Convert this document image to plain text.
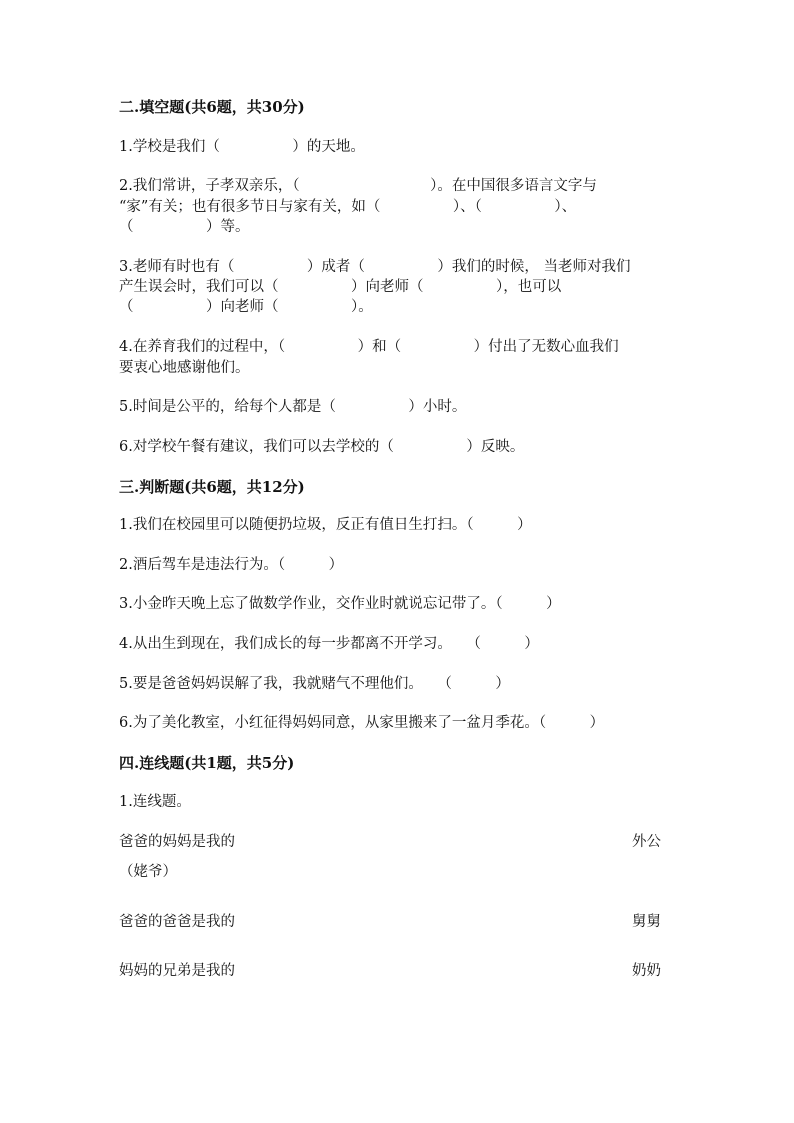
二.填空题(共6题，共30分)
1.学校是我们（　　　　　）的天地。
2.我们常讲，子孝双亲乐，（　　　　　　　　　）。在中国很多语言文字与
“家”有关；也有很多节日与家有关，如（　　　　　）、（　　　　　）、
（　　　　　）等。
3.老师有时也有（　　　　　）成者（　　　　　）我们的时候， 当老师对我们
产生误会时，我们可以（　　　　　）向老师（　　　　　），也可以
（　　　　　）向老师（　　　　　）。
4.在养育我们的过程中，（　　　　　）和（　　　　　）付出了无数心血我们
要衷心地感谢他们。
5.时间是公平的，给每个人都是（　　　　　）小时。
6.对学校午餐有建议，我们可以去学校的（　　　　　）反映。
三.判断题(共6题，共12分)
1.我们在校园里可以随便扔垃圾，反正有值日生打扫。（　　　）
2.酒后驾车是违法行为。（　　　）
3.小金昨天晚上忘了做数学作业，交作业时就说忘记带了。（　　　）
4.从出生到现在，我们成长的每一步都离不开学习。　　（　　　）
5.要是爸爸妈妈误解了我，我就赌气不理他们。　　（　　　）
6.为了美化教室，小红征得妈妈同意，从家里搬来了一盆月季花。（　　　）
四.连线题(共1题，共5分)
1.连线题。
爸爸的妈妈是我的
（姥爷）
爸爸的爸爸是我的
妈妈的兄弟是我的
外公
舅舅
奶奶
